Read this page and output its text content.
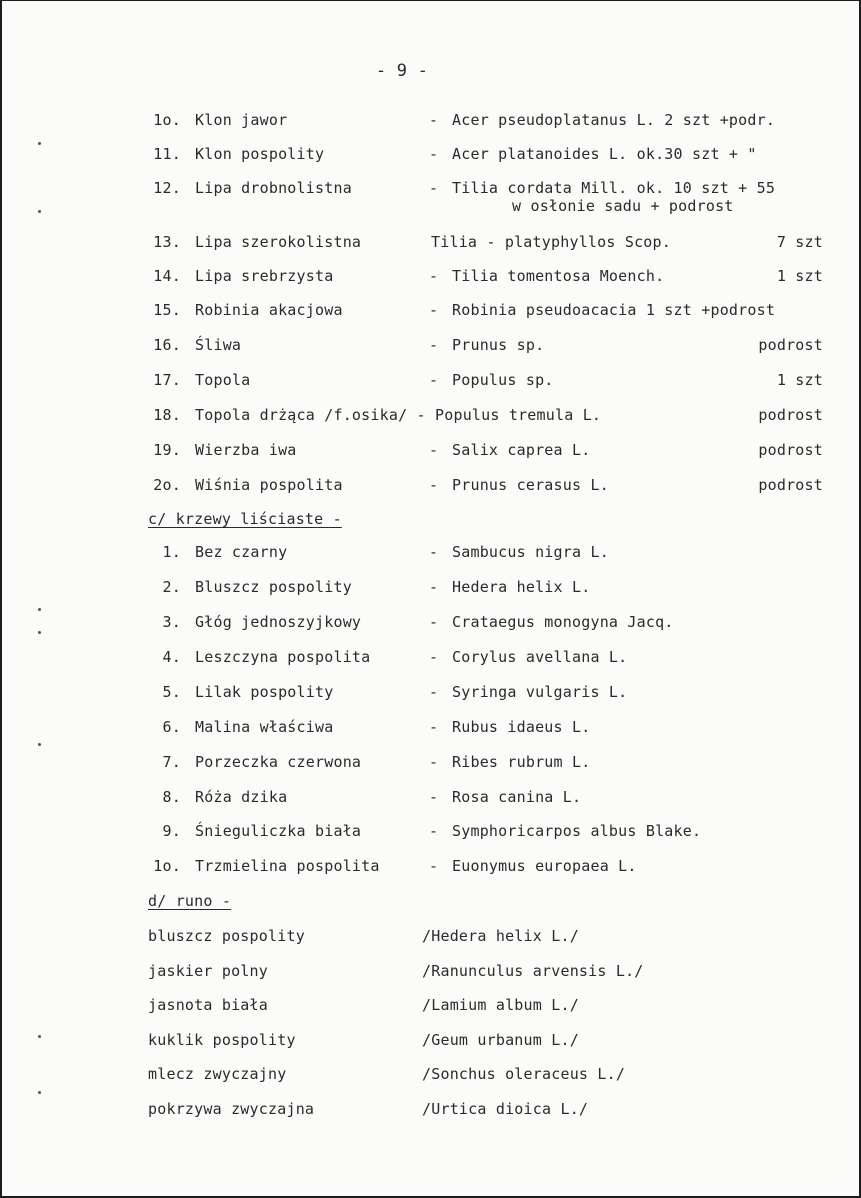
- 9 -
1o. Klon jawor	- Acer pseudoplatanus L. 2 szt +podr.
11. Klon pospolity	- Acer platanoides L. ok.30 szt + "
12. Lipa drobnolistna	- Tilia cordata Mill. ok. 10 szt + 55
w osłonie sadu + podrost
13. Lipa szerokolistna	Tilia - platyphyllos Scop.	7 szt
14. Lipa srebrzysta	- Tilia tomentosa Moench.	1 szt
15. Robinia akacjowa	- Robinia pseudoacacia 1 szt +podrost
16. Śliwa	- Prunus sp.	podrost
17. Topola	- Populus sp.	1 szt
18. Topola drżąca /f.osika/ - Populus tremula L.	podrost
19. Wierzba iwa	- Salix caprea L.	podrost
2o. Wiśnia pospolita	- Prunus cerasus L.	podrost
c/ krzewy liściaste -
1. Bez czarny	- Sambucus nigra L.
2. Bluszcz pospolity	- Hedera helix L.
3. Głóg jednoszyjkowy	- Crataegus monogyna Jacq.
4. Leszczyna pospolita	- Corylus avellana L.
5. Lilak pospolity	- Syringa vulgaris L.
6. Malina właściwa	- Rubus idaeus L.
7. Porzeczka czerwona	- Ribes rubrum L.
8. Róża dzika	- Rosa canina L.
9. Śnieguliczka biała	- Symphoricarpos albus Blake.
1o. Trzmielina pospolita	- Euonymus europaea L.
d/ runo -
bluszcz pospolity	/Hedera helix L./
jaskier polny	/Ranunculus arvensis L./
jasnota biała	/Lamium album L./
kuklik pospolity	/Geum urbanum L./
mlecz zwyczajny	/Sonchus oleraceus L./
pokrzywa zwyczajna	/Urtica dioica L./
